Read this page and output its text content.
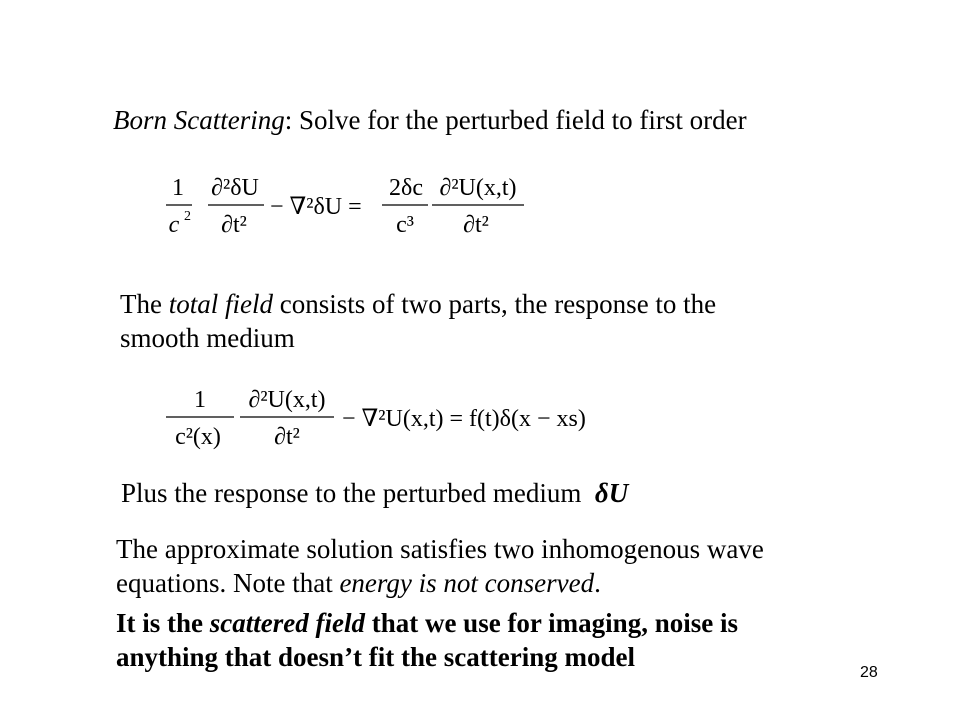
Born Scattering: Solve for the perturbed field to first order
1
c 2
∂²δU
∂t²
− ∇²δU =
2δc
c³
∂²U(x,t)
∂t²
The total field consists of two parts, the response to the
smooth medium
1
c²(x)
∂²U(x,t)
∂t²
− ∇²U(x,t) = f(t)δ(x − xs)
Plus the response to the perturbed medium δU
The approximate solution satisfies two inhomogenous wave
equations. Note that energy is not conserved.
It is the scattered field that we use for imaging, noise is
anything that doesn’t fit the scattering model
28
